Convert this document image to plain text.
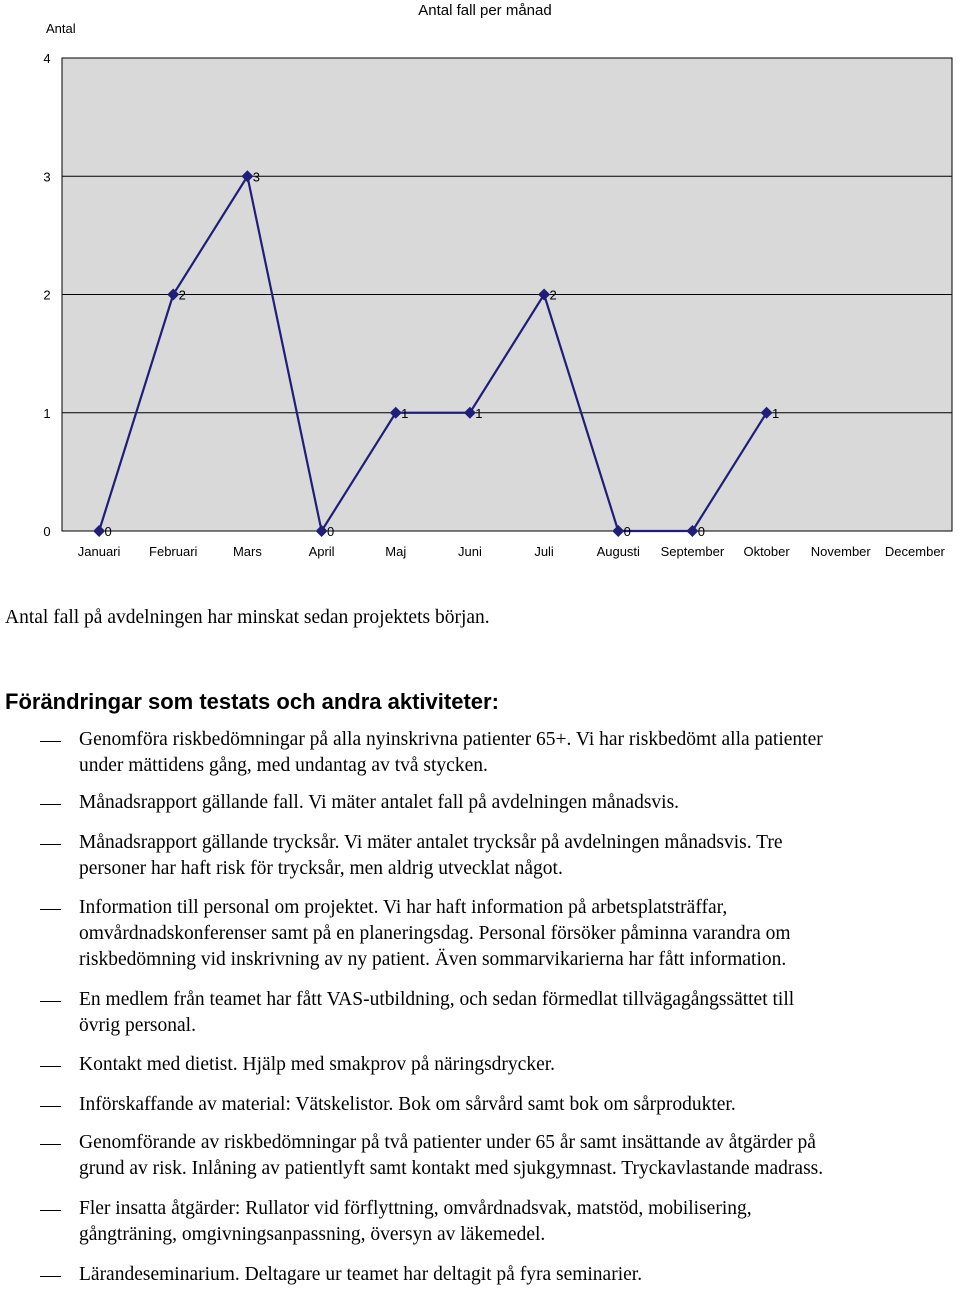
Antal
Antal fall per månad
0
1
2
3
4
Januari Februari	Mars	April	Maj	Juni	Juli	Augusti September Oktober November December
0
2
3
0
1	1
2
0	0
1

Antal fall på avdelningen har minskat sedan projektets början.

Förändringar som testats och andra aktiviteter:
Genomföra riskbedömningar på alla nyinskrivna patienter 65+. Vi har riskbedömt alla patienter
under mättidens gång, med undantag av två stycken.
Månadsrapport gällande fall. Vi mäter antalet fall på avdelningen månadsvis.
Månadsrapport gällande trycksår. Vi mäter antalet trycksår på avdelningen månadsvis. Tre
personer har haft risk för trycksår, men aldrig utvecklat något.
Information till personal om projektet. Vi har haft information på arbetsplatsträffar,
omvårdnadskonferenser samt på en planeringsdag. Personal försöker påminna varandra om
riskbedömning vid inskrivning av ny patient. Även sommarvikarierna har fått information.
En medlem från teamet har fått VAS-utbildning, och sedan förmedlat tillvägagångssättet till
övrig personal.
Kontakt med dietist. Hjälp med smakprov på näringsdrycker.
Införskaffande av material: Vätskelistor. Bok om sårvård samt bok om sårprodukter.
Genomförande av riskbedömningar på två patienter under 65 år samt insättande av åtgärder på
grund av risk. Inlåning av patientlyft samt kontakt med sjukgymnast. Tryckavlastande madrass.
Fler insatta åtgärder: Rullator vid förflyttning, omvårdnadsvak, matstöd, mobilisering,
gångträning, omgivningsanpassning, översyn av läkemedel.
Lärandeseminarium. Deltagare ur teamet har deltagit på fyra seminarier.
